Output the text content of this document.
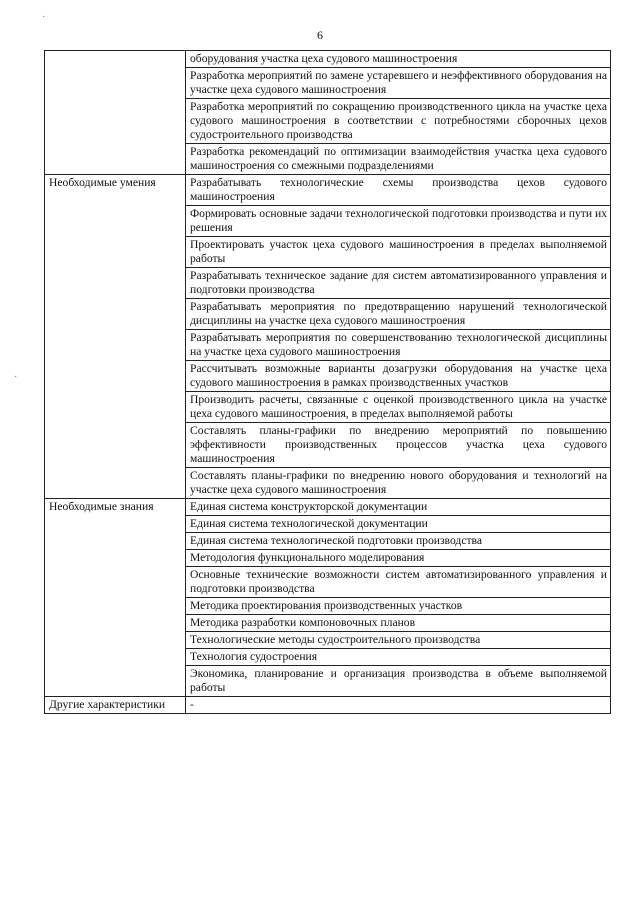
6
·
·
	оборудования участка цеха судового машиностроения
	Разработка мероприятий по замене устаревшего и неэффективного оборудования на участке цеха судового машиностроения
	Разработка мероприятий по сокращению производственного цикла на участке цеха судового машиностроения в соответствии с потребностями сборочных цехов судостроительного производства
	Разработка рекомендаций по оптимизации взаимодействия участка цеха судового машиностроения со смежными подразделениями
Необходимые умения	Разрабатывать технологические схемы производства цехов судового машиностроения
	Формировать основные задачи технологической подготовки производства и пути их решения
	Проектировать участок цеха судового машиностроения в пределах выполняемой работы
	Разрабатывать техническое задание для систем автоматизированного управления и подготовки производства
	Разрабатывать мероприятия по предотвращению нарушений технологической дисциплины на участке цеха судового машиностроения
	Разрабатывать мероприятия по совершенствованию технологической дисциплины на участке цеха судового машиностроения
	Рассчитывать возможные варианты дозагрузки оборудования на участке цеха судового машиностроения в рамках производственных участков
	Производить расчеты, связанные с оценкой производственного цикла на участке цеха судового машиностроения, в пределах выполняемой работы
	Составлять планы-графики по внедрению мероприятий по повышению эффективности производственных процессов участка цеха судового машиностроения
	Составлять планы-графики по внедрению нового оборудования и технологий на участке цеха судового машиностроения
Необходимые знания	Единая система конструкторской документации
	Единая система технологической документации
	Единая система технологической подготовки производства
	Методология функционального моделирования
	Основные технические возможности систем автоматизированного управления и подготовки производства
	Методика проектирования производственных участков
	Методика разработки компоновочных планов
	Технологические методы судостроительного производства
	Технология судостроения
	Экономика, планирование и организация производства в объеме выполняемой работы
Другие характеристики	-
